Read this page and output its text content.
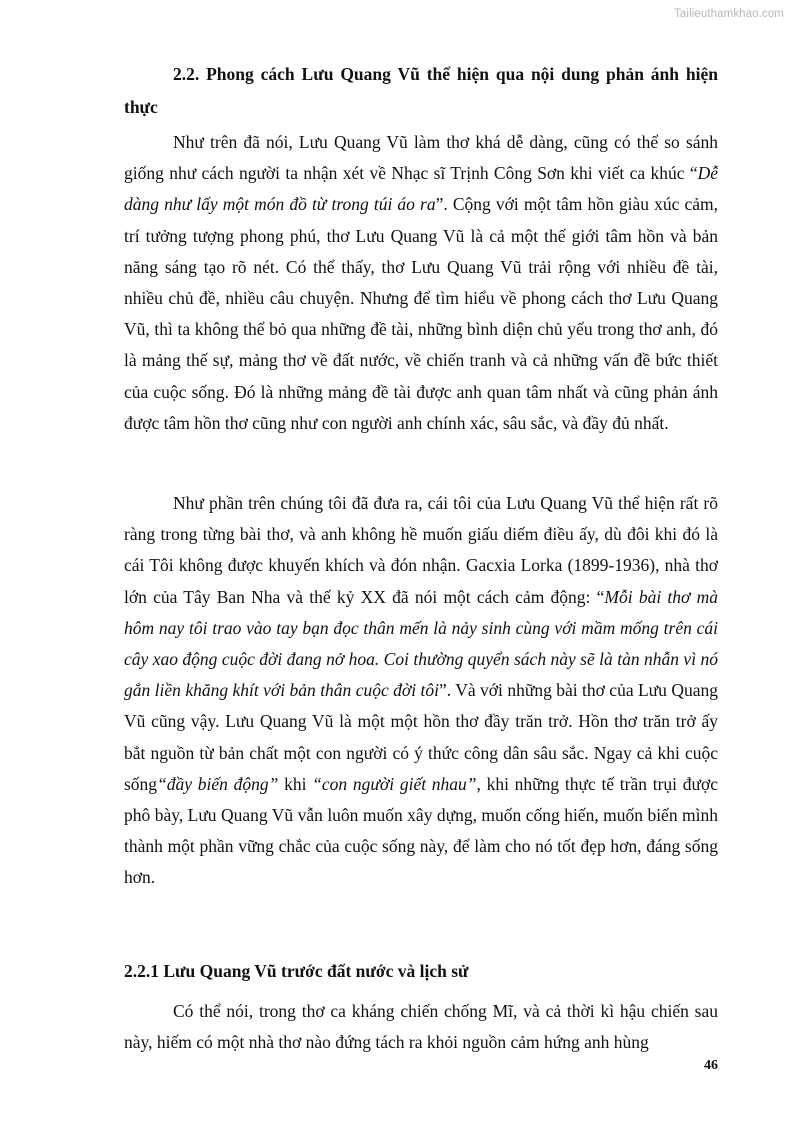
Tailieuthamkhao.com

2.2. Phong cách Lưu Quang Vũ thể hiện qua nội dung phản ánh hiện thực

Như trên đã nói, Lưu Quang Vũ làm thơ khá dễ dàng, cũng có thể so sánh giống như cách người ta nhận xét về Nhạc sĩ Trịnh Công Sơn khi viết ca khúc “Dễ dàng như lấy một món đồ từ trong túi áo ra”. Cộng với một tâm hồn giàu xúc cảm, trí tưởng tượng phong phú, thơ Lưu Quang Vũ là cả một thế giới tâm hồn và bản năng sáng tạo rõ nét. Có thể thấy, thơ Lưu Quang Vũ trải rộng với nhiều đề tài, nhiều chủ đề, nhiều câu chuyện. Nhưng để tìm hiểu về phong cách thơ Lưu Quang Vũ, thì ta không thể bỏ qua những đề tài, những bình diện chủ yếu trong thơ anh, đó là mảng thế sự, mảng thơ về đất nước, về chiến tranh và cả những vấn đề bức thiết của cuộc sống. Đó là những mảng đề tài được anh quan tâm nhất và cũng phản ánh được tâm hồn thơ cũng như con người anh chính xác, sâu sắc, và đầy đủ nhất.

Như phần trên chúng tôi đã đưa ra, cái tôi của Lưu Quang Vũ thể hiện rất rõ ràng trong từng bài thơ, và anh không hề muốn giấu diếm điều ấy, dù đôi khi đó là cái Tôi không được khuyến khích và đón nhận. Gacxia Lorka (1899-1936), nhà thơ lớn của Tây Ban Nha và thế kỷ XX đã nói một cách cảm động: “Mỗi bài thơ mà hôm nay tôi trao vào tay bạn đọc thân mến là nảy sinh cùng với mầm mống trên cái cây xao động cuộc đời đang nở hoa. Coi thường quyển sách này sẽ là tàn nhẫn vì nó gắn liền khăng khít với bản thân cuộc đời tôi”. Và với những bài thơ của Lưu Quang Vũ cũng vậy. Lưu Quang Vũ là một một hồn thơ đầy trăn trở. Hồn thơ trăn trở ấy bắt nguồn từ bản chất một con người có ý thức công dân sâu sắc. Ngay cả khi cuộc sống“đầy biến động” khi “con người giết nhau”, khi những thực tế trần trụi được phô bày, Lưu Quang Vũ vẫn luôn muốn xây dựng, muốn cống hiến, muốn biến mình thành một phần vững chắc của cuộc sống này, để làm cho nó tốt đẹp hơn, đáng sống hơn.

2.2.1 Lưu Quang Vũ trước đất nước và lịch sử

Có thể nói, trong thơ ca kháng chiến chống Mĩ, và cả thời kì hậu chiến sau này, hiếm có một nhà thơ nào đứng tách ra khỏi nguồn cảm hứng anh hùng

46
